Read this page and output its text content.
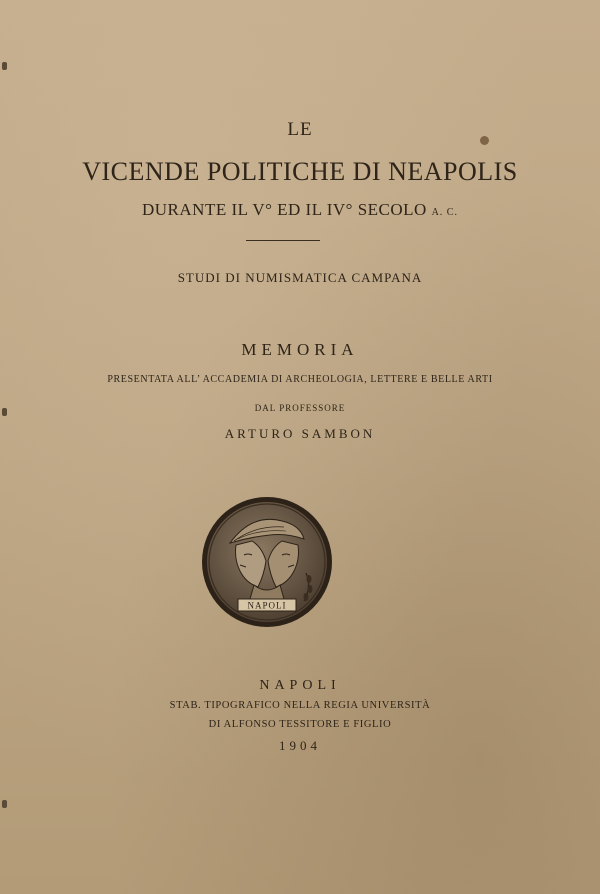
LE
VICENDE POLITICHE DI NEAPOLIS
DURANTE IL V° ED IL IV° SECOLO A. C.
STUDI DI NUMISMATICA CAMPANA
MEMORIA
PRESENTATA ALL’ ACCADEMIA DI ARCHEOLOGIA, LETTERE E BELLE ARTI
DAL PROFESSORE
ARTURO SAMBON
NAPOLI
NAPOLI
STAB. TIPOGRAFICO NELLA REGIA UNIVERSITÀ
DI ALFONSO TESSITORE E FIGLIO
1904
